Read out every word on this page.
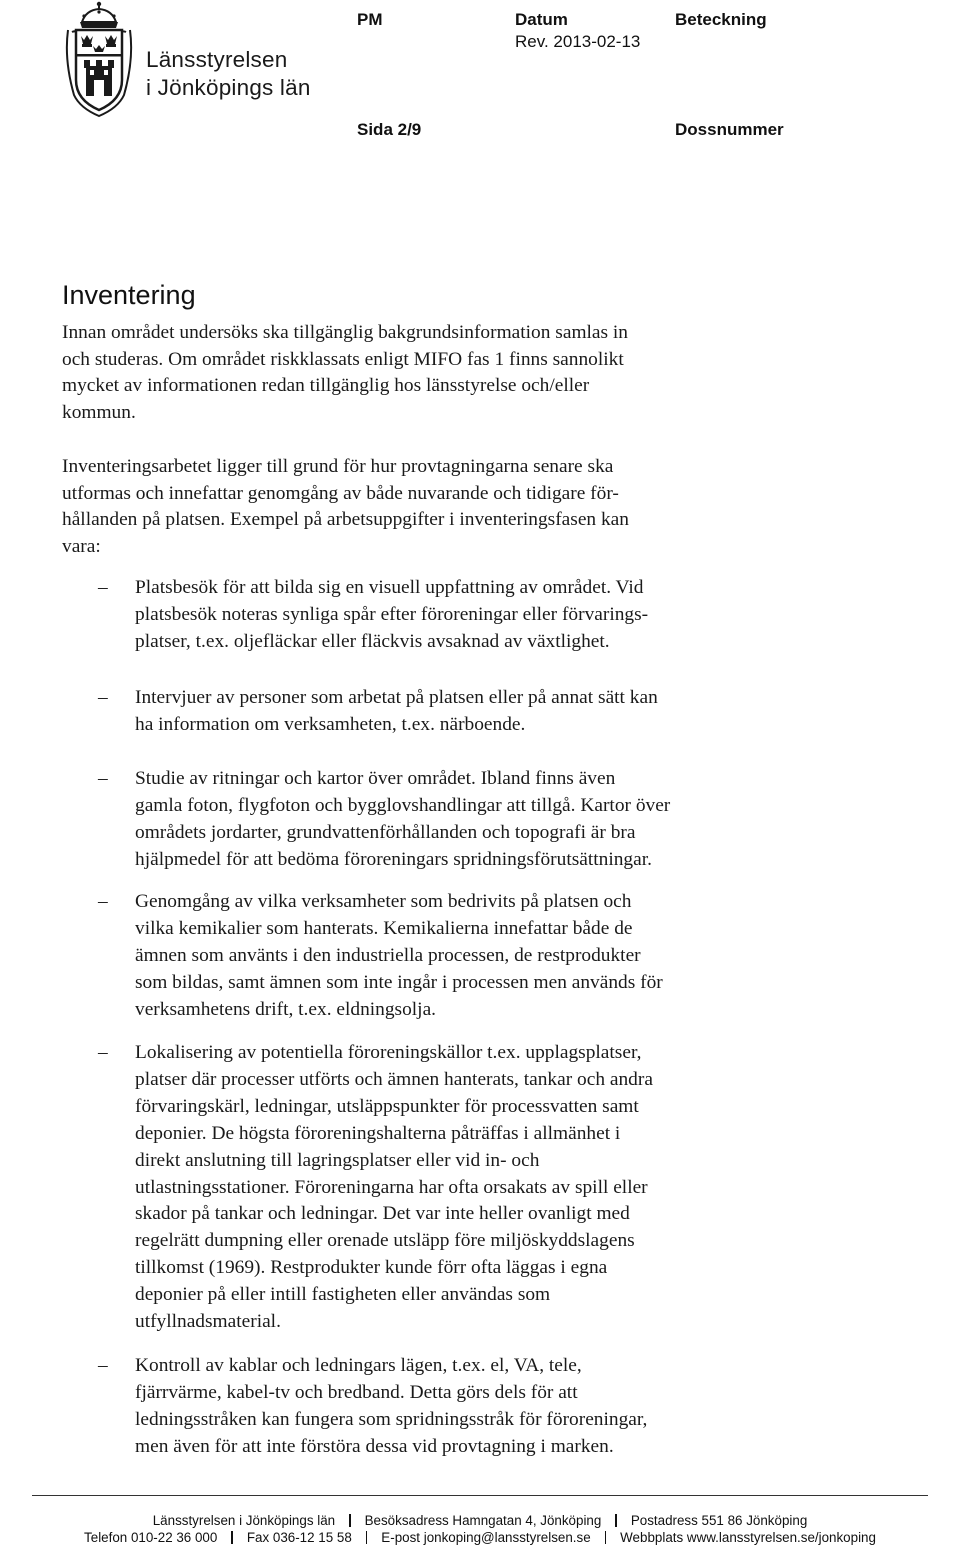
Länsstyrelsen
i Jönköpings län
PM	Datum
Rev. 2013-02-13
Beteckning
Sida 2/9	Dossnummer
Inventering
Innan området undersöks ska tillgänglig bakgrundsinformation samlas in
och studeras. Om området riskklassats enligt MIFO fas 1 finns sannolikt
mycket av informationen redan tillgänglig hos länsstyrelse och/eller
kommun.
Inventeringsarbetet ligger till grund för hur provtagningarna senare ska
utformas och innefattar genomgång av både nuvarande och tidigare för-
hållanden på platsen. Exempel på arbetsuppgifter i inventeringsfasen kan
vara:
– Platsbesök för att bilda sig en visuell uppfattning av området. Vid
platsbesök noteras synliga spår efter föroreningar eller förvarings-
platser, t.ex. oljefläckar eller fläckvis avsaknad av växtlighet.
– Intervjuer av personer som arbetat på platsen eller på annat sätt kan
ha information om verksamheten, t.ex. närboende.
– Studie av ritningar och kartor över området. Ibland finns även
gamla foton, flygfoton och bygglovshandlingar att tillgå. Kartor över
områdets jordarter, grundvattenförhållanden och topografi är bra
hjälpmedel för att bedöma föroreningars spridningsförutsättningar.
– Genomgång av vilka verksamheter som bedrivits på platsen och
vilka kemikalier som hanterats. Kemikalierna innefattar både de
ämnen som använts i den industriella processen, de restprodukter
som bildas, samt ämnen som inte ingår i processen men används för
verksamhetens drift, t.ex. eldningsolja.
– Lokalisering av potentiella föroreningskällor t.ex. upplagsplatser,
platser där processer utförts och ämnen hanterats, tankar och andra
förvaringskärl, ledningar, utsläppspunkter för processvatten samt
deponier. De högsta föroreningshalterna påträffas i allmänhet i
direkt anslutning till lagringsplatser eller vid in- och
utlastningsstationer. Föroreningarna har ofta orsakats av spill eller
skador på tankar och ledningar. Det var inte heller ovanligt med
regelrätt dumpning eller orenade utsläpp före miljöskyddslagens
tillkomst (1969). Restprodukter kunde förr ofta läggas i egna
deponier på eller intill fastigheten eller användas som
utfyllnadsmaterial.
– Kontroll av kablar och ledningars lägen, t.ex. el, VA, tele,
fjärrvärme, kabel-tv och bredband. Detta görs dels för att
ledningsstråken kan fungera som spridningsstråk för föroreningar,
men även för att inte förstöra dessa vid provtagning i marken.
Länsstyrelsen i Jönköpings län Besöksadress Hamngatan 4, Jönköping Postadress 551 86 Jönköping
Telefon 010-22 36 000 Fax 036-12 15 58 E-post jonkoping@lansstyrelsen.se Webbplats www.lansstyrelsen.se/jonkoping
